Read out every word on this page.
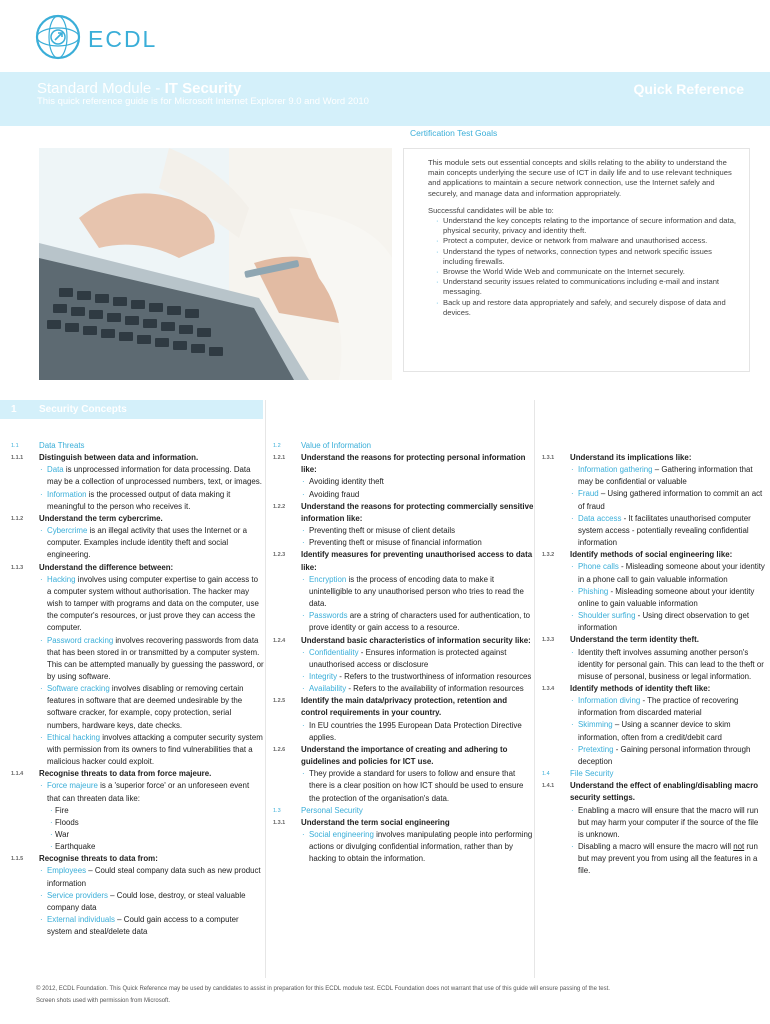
ECDL
Standard Module - IT Security
This quick reference guide is for Microsoft Internet Explorer 9.0 and Word 2010
Quick Reference
Certification Test Goals

This module sets out essential concepts and skills relating to the ability to understand the main concepts underlying the secure use of ICT in daily life and to use relevant techniques and applications to maintain a secure network connection, use the Internet safely and securely, and manage data and information appropriately.

Successful candidates will be able to:

· Understand the key concepts relating to the importance of secure information and data, physical security, privacy and identity theft.
· Protect a computer, device or network from malware and unauthorised access.
· Understand the types of networks, connection types and network specific issues including firewalls.
· Browse the World Wide Web and communicate on the Internet securely.
· Understand security issues related to communications including e-mail and instant messaging.
· Back up and restore data appropriately and safely, and securely dispose of data and devices.
1 Security Concepts
1.1	Data Threats
1.1.1 Distinguish between data and information.
· Data is unprocessed information for data processing. Data may be a collection of unprocessed numbers, text, or images.
· Information is the processed output of data making it meaningful to the person who receives it.
1.1.2 Understand the term cybercrime.
· Cybercrime is an illegal activity that uses the Internet or a computer. Examples include identity theft and social engineering.
1.1.3 Understand the difference between:
· Hacking involves using computer expertise to gain access to a computer system without authorisation. The hacker may wish to tamper with programs and data on the computer, use the computer's resources, or just prove they can access the computer.
· Password cracking involves recovering passwords from data that has been stored in or transmitted by a computer system. This can be attempted manually by guessing the password, or by using software.
· Software cracking involves disabling or removing certain features in software that are deemed undesirable by the software cracker, for example, copy protection, serial numbers, hardware keys, date checks.
· Ethical hacking involves attacking a computer security system with permission from its owners to find vulnerabilities that a malicious hacker could exploit.
1.1.4 Recognise threats to data from force majeure.
· Force majeure is a 'superior force' or an unforeseen event that can threaten data like:
· Fire
· Floods
· War
· Earthquake
1.1.5 Recognise threats to data from:
· Employees – Could steal company data such as new product information
· Service providers – Could lose, destroy, or steal valuable company data
· External individuals – Could gain access to a computer system and steal/delete data
1.2	Value of Information
1.2.1 Understand the reasons for protecting personal information like:
· Avoiding identity theft
· Avoiding fraud
1.2.2 Understand the reasons for protecting commercially sensitive information like:
· Preventing theft or misuse of client details
· Preventing theft or misuse of financial information
1.2.3 Identify measures for preventing unauthorised access to data like:
· Encryption is the process of encoding data to make it unintelligible to any unauthorised person who tries to read the data.
· Passwords are a string of characters used for authentication, to prove identity or gain access to a resource.
1.2.4 Understand basic characteristics of information security like:
· Confidentiality - Ensures information is protected against unauthorised access or disclosure
· Integrity - Refers to the trustworthiness of information resources
· Availability - Refers to the availability of information resources
1.2.5 Identify the main data/privacy protection, retention and control requirements in your country.
· In EU countries the 1995 European Data Protection Directive applies.
1.2.6 Understand the importance of creating and adhering to guidelines and policies for ICT use.
· They provide a standard for users to follow and ensure that there is a clear position on how ICT should be used to ensure the protection of the organisation's data.
1.3	Personal Security
1.3.1 Understand the term social engineering
· Social engineering involves manipulating people into performing actions or divulging confidential information, rather than by hacking to obtain the information.
1.3.1 Understand its implications like:
· Information gathering – Gathering information that may be confidential or valuable
· Fraud – Using gathered information to commit an act of fraud
· Data access - It facilitates unauthorised computer system access - potentially revealing confidential information
1.3.2 Identify methods of social engineering like:
· Phone calls - Misleading someone about your identity in a phone call to gain valuable information
· Phishing - Misleading someone about your identity online to gain valuable information
· Shoulder surfing - Using direct observation to get information
1.3.3 Understand the term identity theft.
· Identity theft involves assuming another person's identity for personal gain. This can lead to the theft or misuse of personal, business or legal information.
1.3.4 Identify methods of identity theft like:
· Information diving - The practice of recovering information from discarded material
· Skimming – Using a scanner device to skim information, often from a credit/debit card
· Pretexting - Gaining personal information through deception
1.4	File Security
1.4.1 Understand the effect of enabling/disabling macro security settings.
· Enabling a macro will ensure that the macro will run but may harm your computer if the source of the file is unknown.
· Disabling a macro will ensure the macro will not run but may prevent you from using all the features in a file.
© 2012, ECDL Foundation. This Quick Reference may be used by candidates to assist in preparation for this ECDL module test. ECDL Foundation does not warrant that use of this guide will ensure passing of the test.
Screen shots used with permission from Microsoft.
